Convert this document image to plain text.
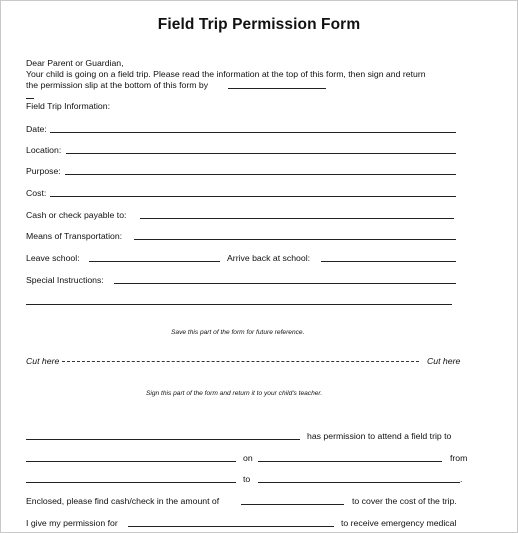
Field Trip Permission Form
Dear Parent or Guardian,
Your child is going on a field trip. Please read the information at the top of this form, then sign and return
the permission slip at the bottom of this form by
Field Trip Information:
Date:
Location:
Purpose:
Cost:
Cash or check payable to:
Means of Transportation:
Leave school:	Arrive back at school:
Special Instructions:
Save this part of the form for future reference.
Cut here	Cut here
Sign this part of the form and return it to your child's teacher.
has permission to attend a field trip to
on	from
to	.
Enclosed, please find cash/check in the amount of	to cover the cost of the trip.
I give my permission for	to receive emergency medical
